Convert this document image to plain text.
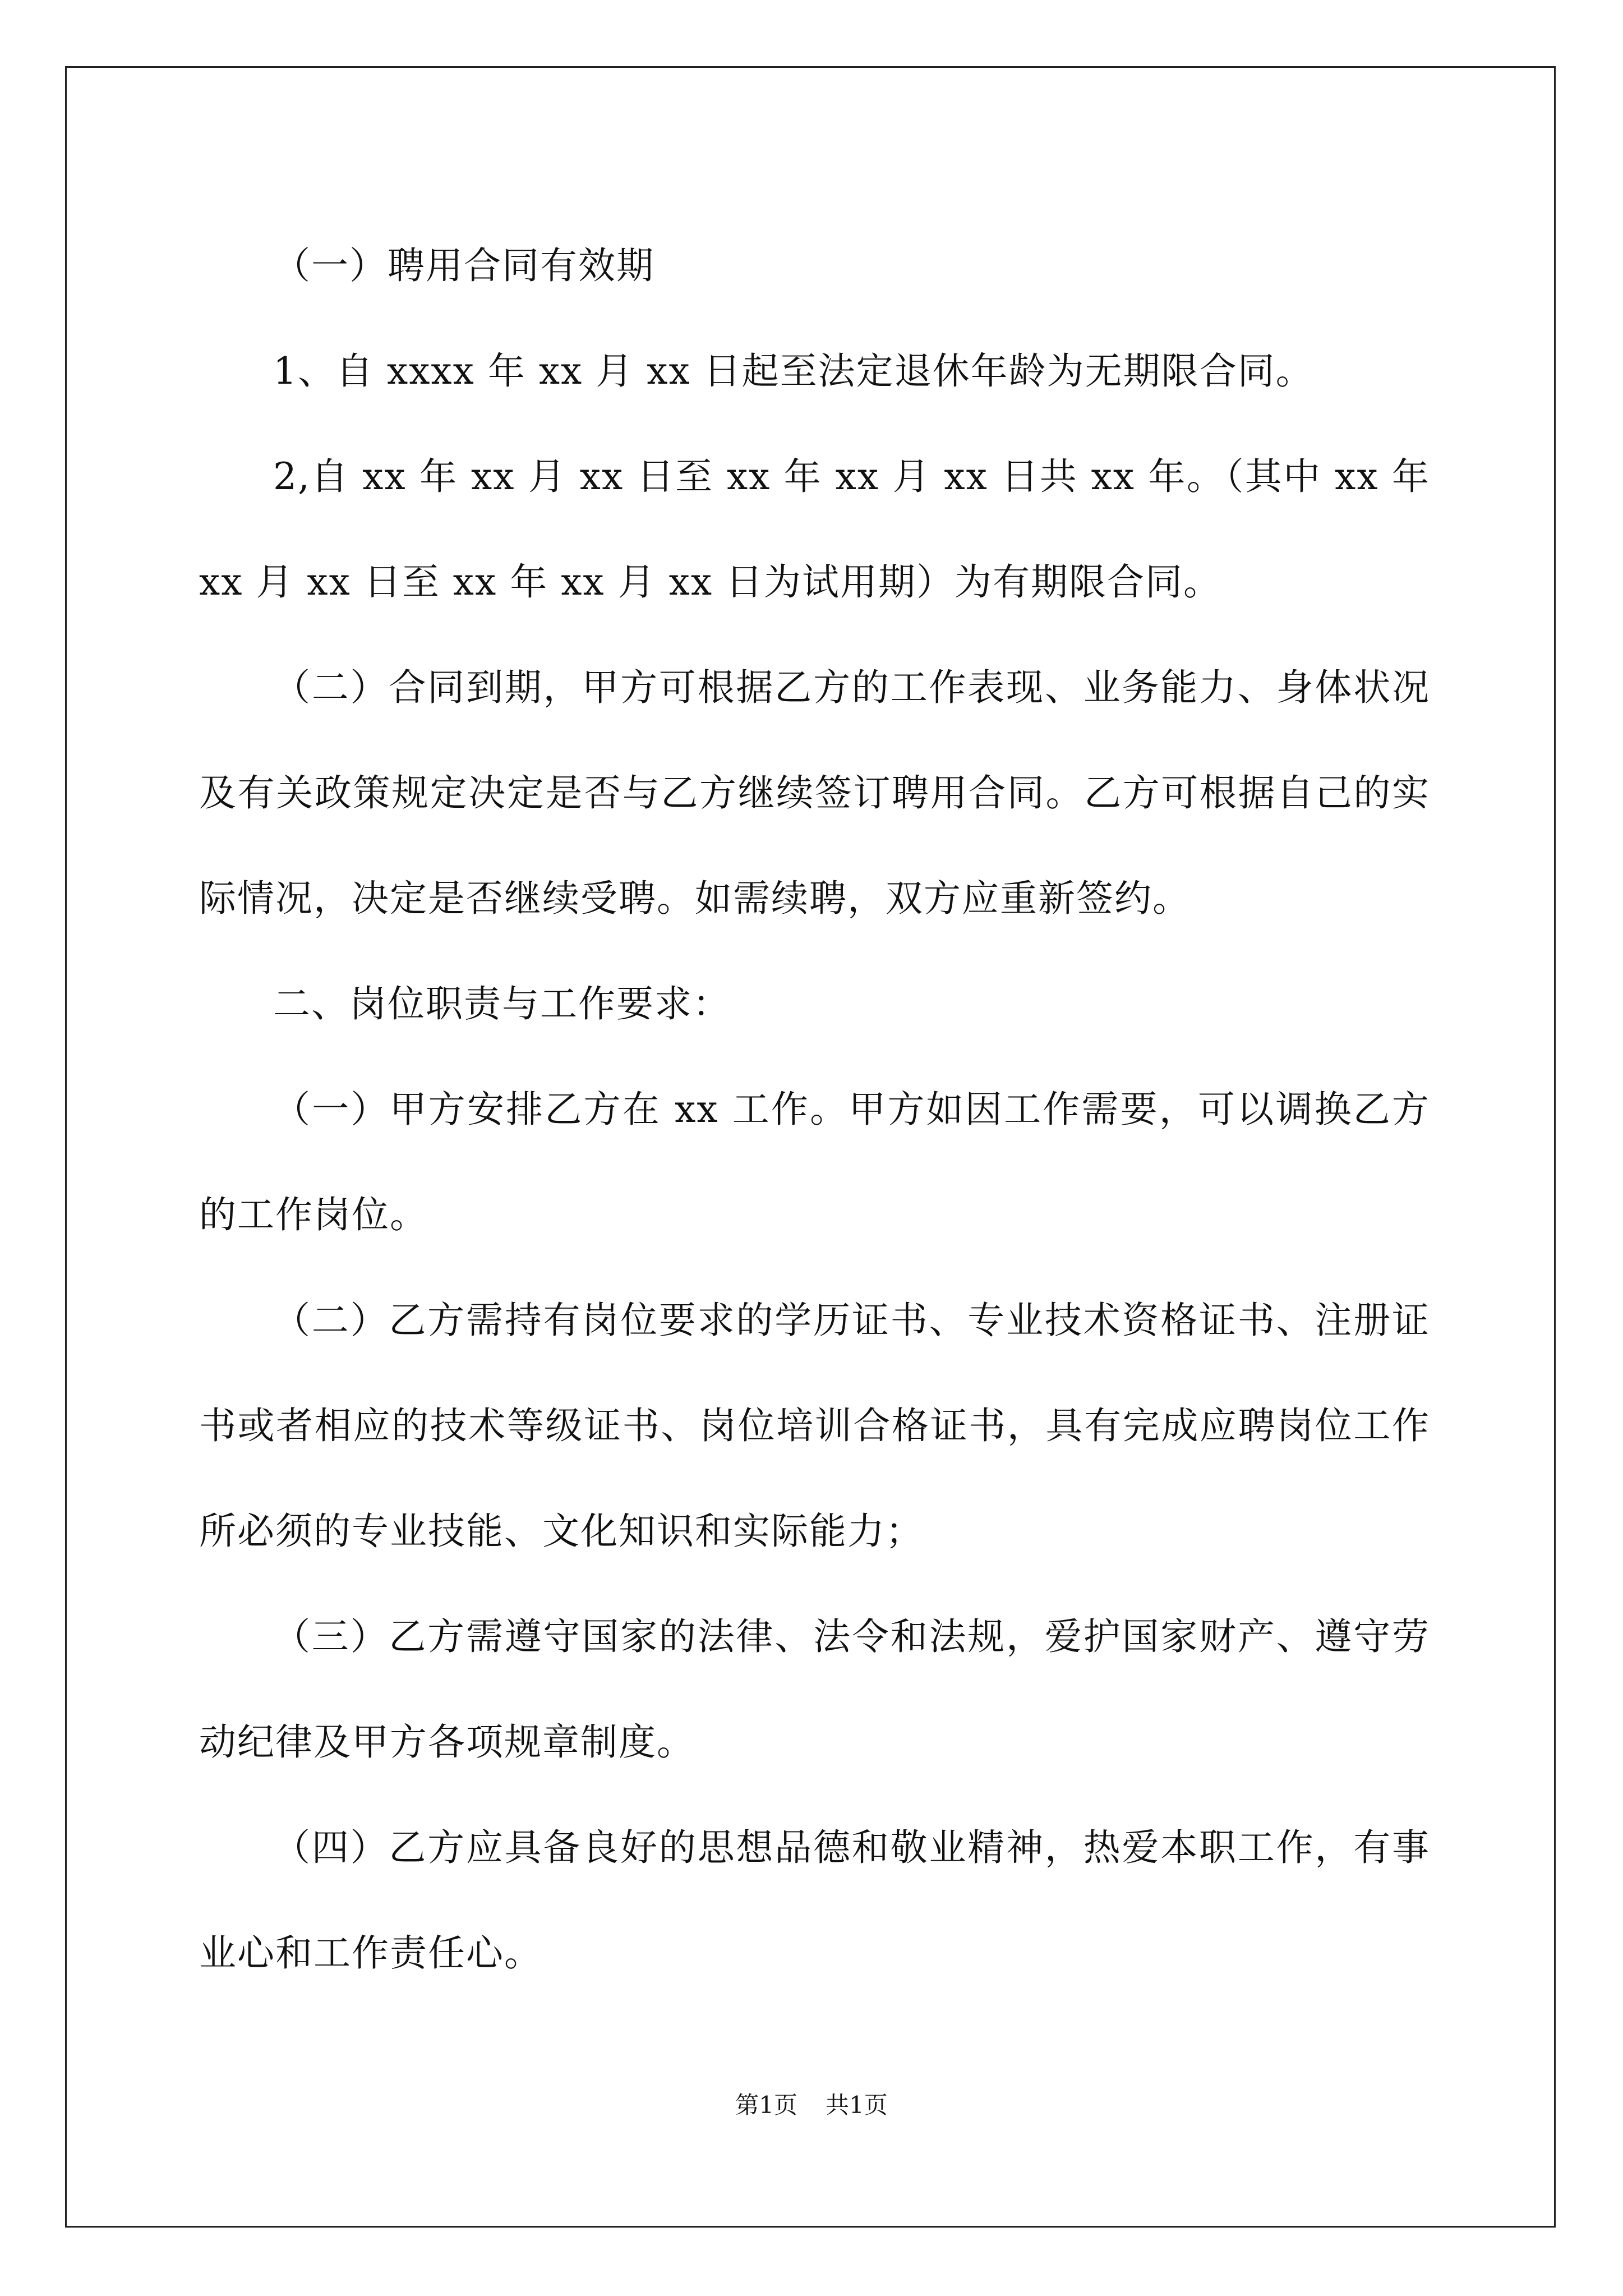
（一）聘用合同有效期

1、自 xxxx 年 xx 月 xx 日起至法定退休年龄为无期限合同。

2,自 xx 年 xx 月 xx 日至 xx 年 xx 月 xx 日共 xx 年。（其中 xx 年 xx 月 xx 日至 xx 年 xx 月 xx 日为试用期）为有期限合同。

（二）合同到期，甲方可根据乙方的工作表现、业务能力、身体状况及有关政策规定决定是否与乙方继续签订聘用合同。乙方可根据自己的实际情况，决定是否继续受聘。如需续聘，双方应重新签约。

二、岗位职责与工作要求：

（一）甲方安排乙方在 xx 工作。甲方如因工作需要，可以调换乙方的工作岗位。

（二）乙方需持有岗位要求的学历证书、专业技术资格证书、注册证书或者相应的技术等级证书、岗位培训合格证书，具有完成应聘岗位工作所必须的专业技能、文化知识和实际能力；

（三）乙方需遵守国家的法律、法令和法规，爱护国家财产、遵守劳动纪律及甲方各项规章制度。

（四）乙方应具备良好的思想品德和敬业精神，热爱本职工作，有事业心和工作责任心。

第1页 共1页
